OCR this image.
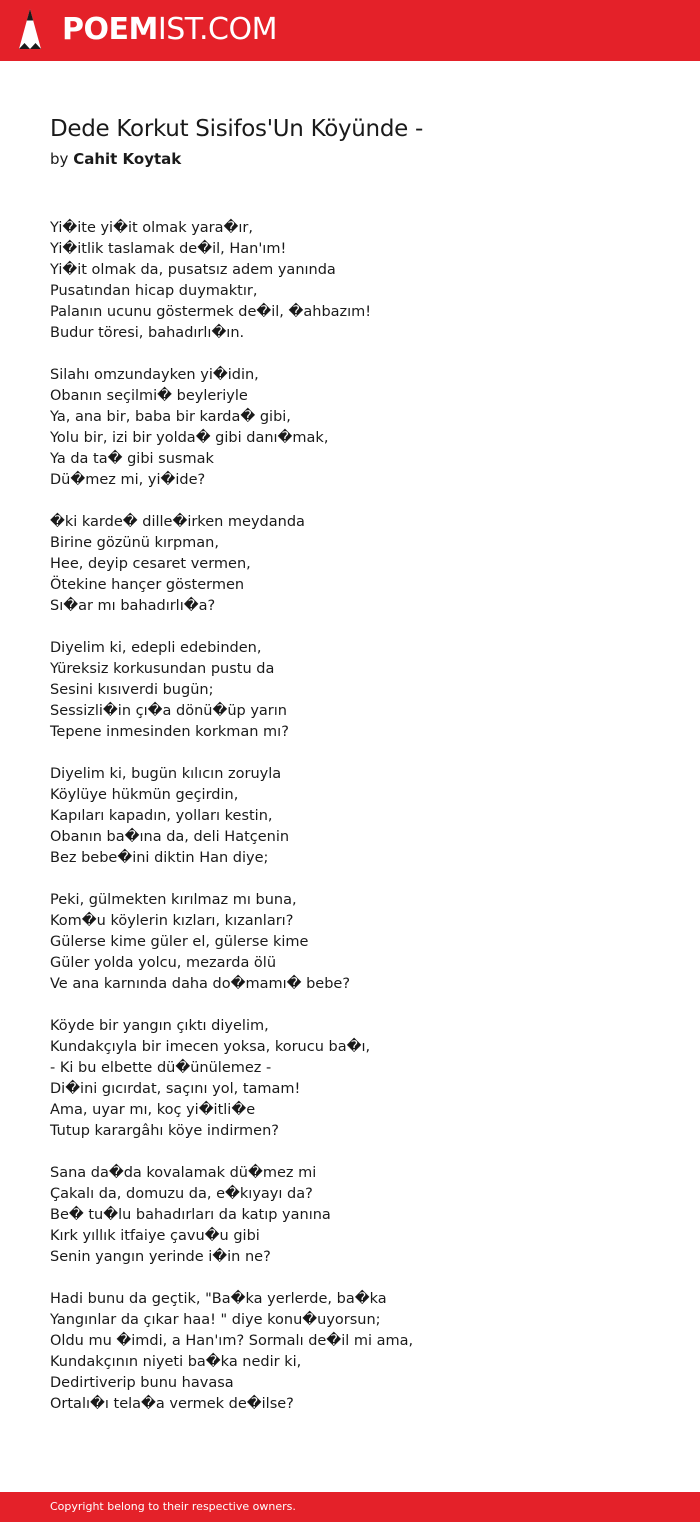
POEMIST.COM
Dede Korkut Sisifos'Un Köyünde -
by Cahit Koytak
Yi�ite yi�it olmak yara�ır,
Yi�itlik taslamak de�il, Han'ım!
Yi�it olmak da, pusatsız adem yanında
Pusatından hicap duymaktır,
Palanın ucunu göstermek de�il, �ahbazım!
Budur töresi, bahadırlı�ın.
Silahı omzundayken yi�idin,
Obanın seçilmi� beyleriyle
Ya, ana bir, baba bir karda� gibi,
Yolu bir, izi bir yolda� gibi danı�mak,
Ya da ta� gibi susmak
Dü�mez mi, yi�ide?
�ki karde� dille�irken meydanda
Birine gözünü kırpman,
Hee, deyip cesaret vermen,
Ötekine hançer göstermen
Sı�ar mı bahadırlı�a?
Diyelim ki, edepli edebinden,
Yüreksiz korkusundan pustu da
Sesini kısıverdi bugün;
Sessizli�in çı�a dönü�üp yarın
Tepene inmesinden korkman mı?
Diyelim ki, bugün kılıcın zoruyla
Köylüye hükmün geçirdin,
Kapıları kapadın, yolları kestin,
Obanın ba�ına da, deli Hatçenin
Bez bebe�ini diktin Han diye;
Peki, gülmekten kırılmaz mı buna,
Kom�u köylerin kızları, kızanları?
Gülerse kime güler el, gülerse kime
Güler yolda yolcu, mezarda ölü
Ve ana karnında daha do�mamı� bebe?
Köyde bir yangın çıktı diyelim,
Kundakçıyla bir imecen yoksa, korucu ba�ı,
- Ki bu elbette dü�ünülemez -
Di�ini gıcırdat, saçını yol, tamam!
Ama, uyar mı, koç yi�itli�e
Tutup karargâhı köye indirmen?
Sana da�da kovalamak dü�mez mi
Çakalı da, domuzu da, e�kıyayı da?
Be� tu�lu bahadırları da katıp yanına
Kırk yıllık itfaiye çavu�u gibi
Senin yangın yerinde i�in ne?
Hadi bunu da geçtik, "Ba�ka yerlerde, ba�ka
Yangınlar da çıkar haa! " diye konu�uyorsun;
Oldu mu �imdi, a Han'ım? Sormalı de�il mi ama,
Kundakçının niyeti ba�ka nedir ki,
Dedirtiverip bunu havasa
Ortalı�ı tela�a vermek de�ilse?
Copyright belong to their respective owners.
